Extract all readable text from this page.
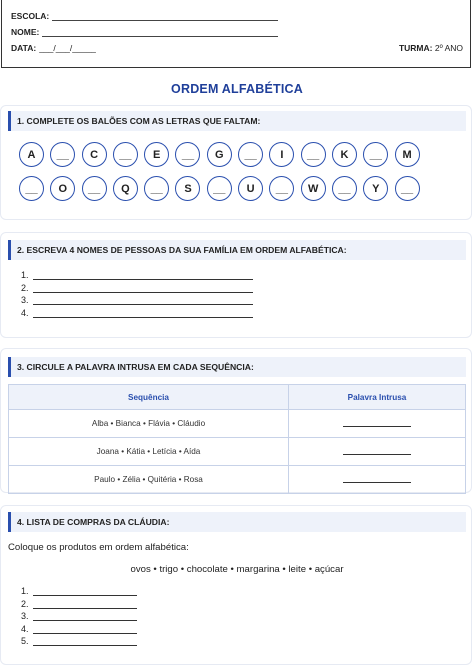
ESCOLA:
NOME:
DATA: ___/___/_____	TURMA: 2º ANO
ORDEM ALFABÉTICA
1. COMPLETE OS BALÕES COM AS LETRAS QUE FALTAM:
A	__	C	__	E	__	G	__	I	__	K	__	M
__	O	__	Q	__	S	__	U	__	W	__	Y	__
2. ESCREVA 4 NOMES DE PESSOAS DA SUA FAMÍLIA EM ORDEM ALFABÉTICA:
1.
2.
3.
4.
3. CIRCULE A PALAVRA INTRUSA EM CADA SEQUÊNCIA:
Sequência	Palavra Intrusa
Alba • Bianca • Flávia • Cláudio	
Joana • Kátia • Letícia • Aída	
Paulo • Zélia • Quitéria • Rosa	
4. LISTA DE COMPRAS DA CLÁUDIA:
Coloque os produtos em ordem alfabética:
ovos • trigo • chocolate • margarina • leite • açúcar
1.
2.
3.
4.
5.
